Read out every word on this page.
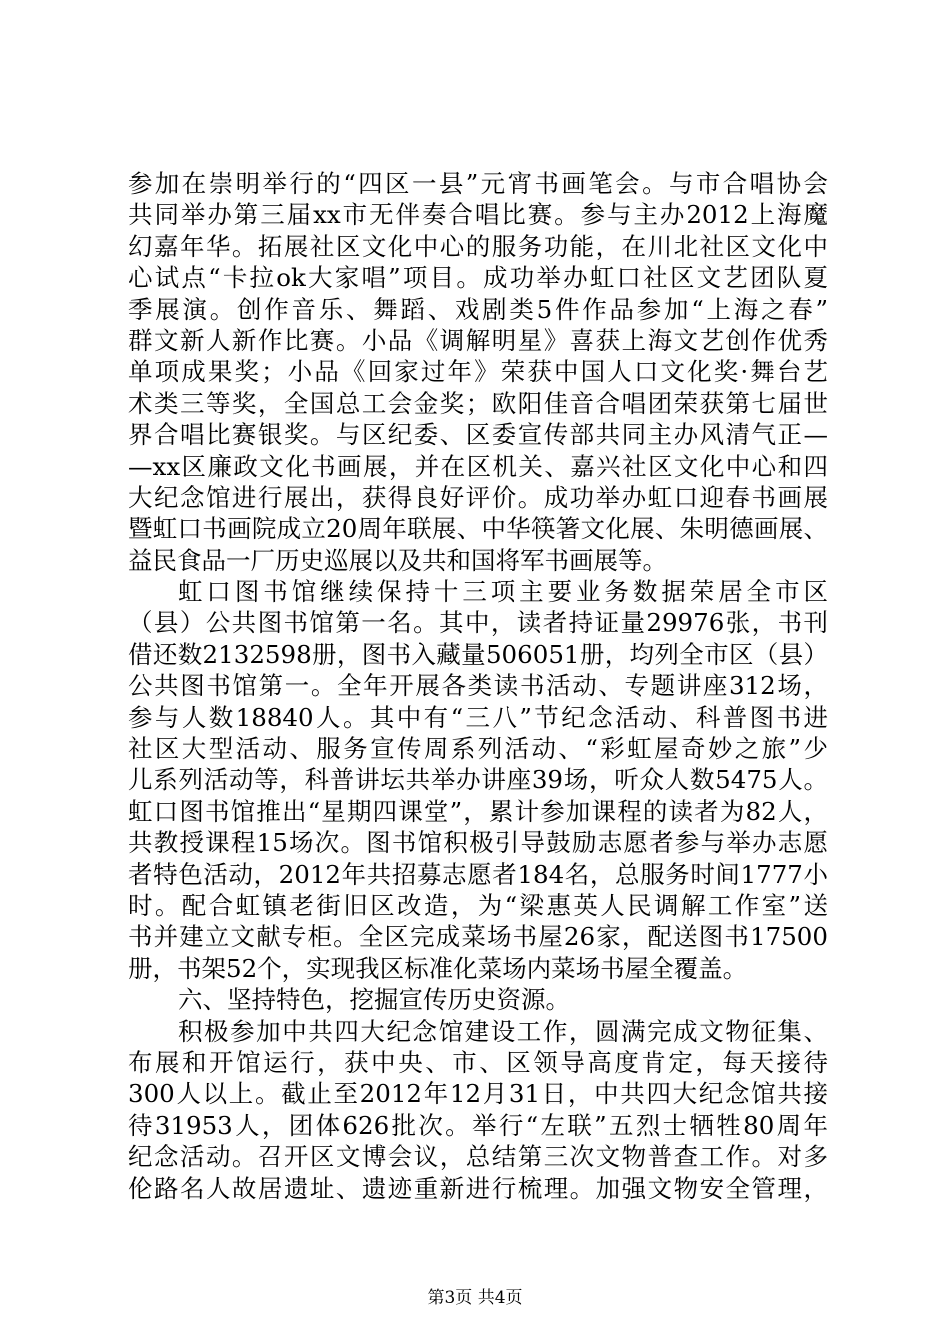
参加在崇明举行的“四区一县”元宵书画笔会。与市合唱协会
共同举办第三届xx市无伴奏合唱比赛。参与主办2012上海魔
幻嘉年华。拓展社区文化中心的服务功能，在川北社区文化中
心试点“卡拉ok大家唱”项目。成功举办虹口社区文艺团队夏
季展演。创作音乐、舞蹈、戏剧类5件作品参加“上海之春”
群文新人新作比赛。小品《调解明星》喜获上海文艺创作优秀
单项成果奖；小品《回家过年》荣获中国人口文化奖·舞台艺
术类三等奖，全国总工会金奖；欧阳佳音合唱团荣获第七届世
界合唱比赛银奖。与区纪委、区委宣传部共同主办风清气正—
—xx区廉政文化书画展，并在区机关、嘉兴社区文化中心和四
大纪念馆进行展出，获得良好评价。成功举办虹口迎春书画展
暨虹口书画院成立20周年联展、中华筷箸文化展、朱明德画展、
益民食品一厂历史巡展以及共和国将军书画展等。
虹口图书馆继续保持十三项主要业务数据荣居全市区
（县）公共图书馆第一名。其中，读者持证量29976张，书刊
借还数2132598册，图书入藏量506051册，均列全市区（县）
公共图书馆第一。全年开展各类读书活动、专题讲座312场，
参与人数18840人。其中有“三八”节纪念活动、科普图书进
社区大型活动、服务宣传周系列活动、“彩虹屋奇妙之旅”少
儿系列活动等，科普讲坛共举办讲座39场，听众人数5475人。
虹口图书馆推出“星期四课堂”，累计参加课程的读者为82人，
共教授课程15场次。图书馆积极引导鼓励志愿者参与举办志愿
者特色活动，2012年共招募志愿者184名，总服务时间1777小
时。配合虹镇老街旧区改造，为“梁惠英人民调解工作室”送
书并建立文献专柜。全区完成菜场书屋26家，配送图书17500
册，书架52个，实现我区标准化菜场内菜场书屋全覆盖。
六、坚持特色，挖掘宣传历史资源。
积极参加中共四大纪念馆建设工作，圆满完成文物征集、
布展和开馆运行，获中央、市、区领导高度肯定，每天接待
300人以上。截止至2012年12月31日，中共四大纪念馆共接
待31953人，团体626批次。举行“左联”五烈士牺牲80周年
纪念活动。召开区文博会议，总结第三次文物普查工作。对多
伦路名人故居遗址、遗迹重新进行梳理。加强文物安全管理，
第3页 共4页
